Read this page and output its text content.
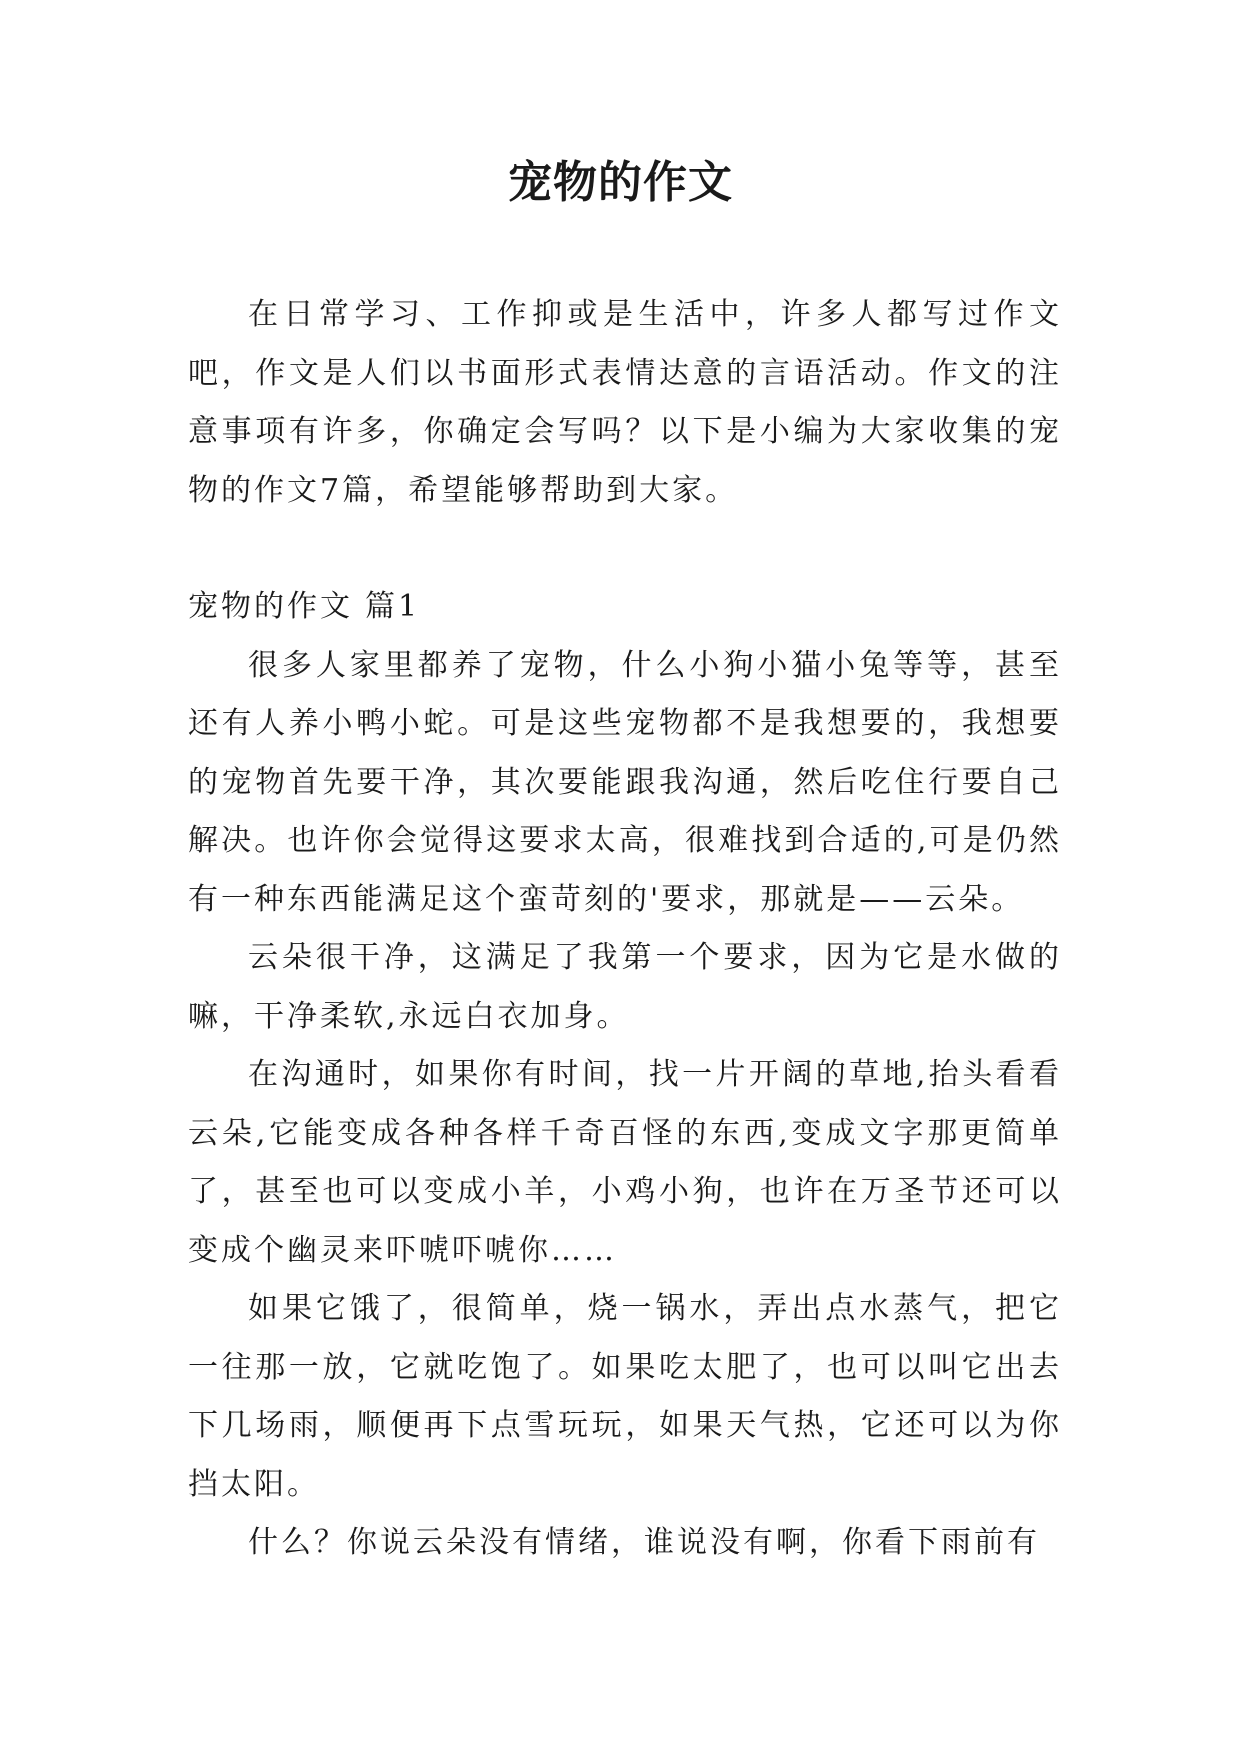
宠物的作文

在日常学习、工作抑或是生活中，许多人都写过作文吧，作文是人们以书面形式表情达意的言语活动。作文的注意事项有许多，你确定会写吗？以下是小编为大家收集的宠物的作文7篇，希望能够帮助到大家。

宠物的作文 篇1

很多人家里都养了宠物，什么小狗小猫小兔等等，甚至还有人养小鸭小蛇。可是这些宠物都不是我想要的，我想要的宠物首先要干净，其次要能跟我沟通，然后吃住行要自己解决。也许你会觉得这要求太高，很难找到合适的,可是仍然有一种东西能满足这个蛮苛刻的'要求，那就是——云朵。

云朵很干净，这满足了我第一个要求，因为它是水做的嘛，干净柔软,永远白衣加身。

在沟通时，如果你有时间，找一片开阔的草地,抬头看看云朵,它能变成各种各样千奇百怪的东西,变成文字那更简单了，甚至也可以变成小羊，小鸡小狗，也许在万圣节还可以变成个幽灵来吓唬吓唬你……

如果它饿了，很简单，烧一锅水，弄出点水蒸气，把它一往那一放，它就吃饱了。如果吃太肥了，也可以叫它出去下几场雨，顺便再下点雪玩玩，如果天气热，它还可以为你挡太阳。

什么？你说云朵没有情绪，谁说没有啊，你看下雨前有
